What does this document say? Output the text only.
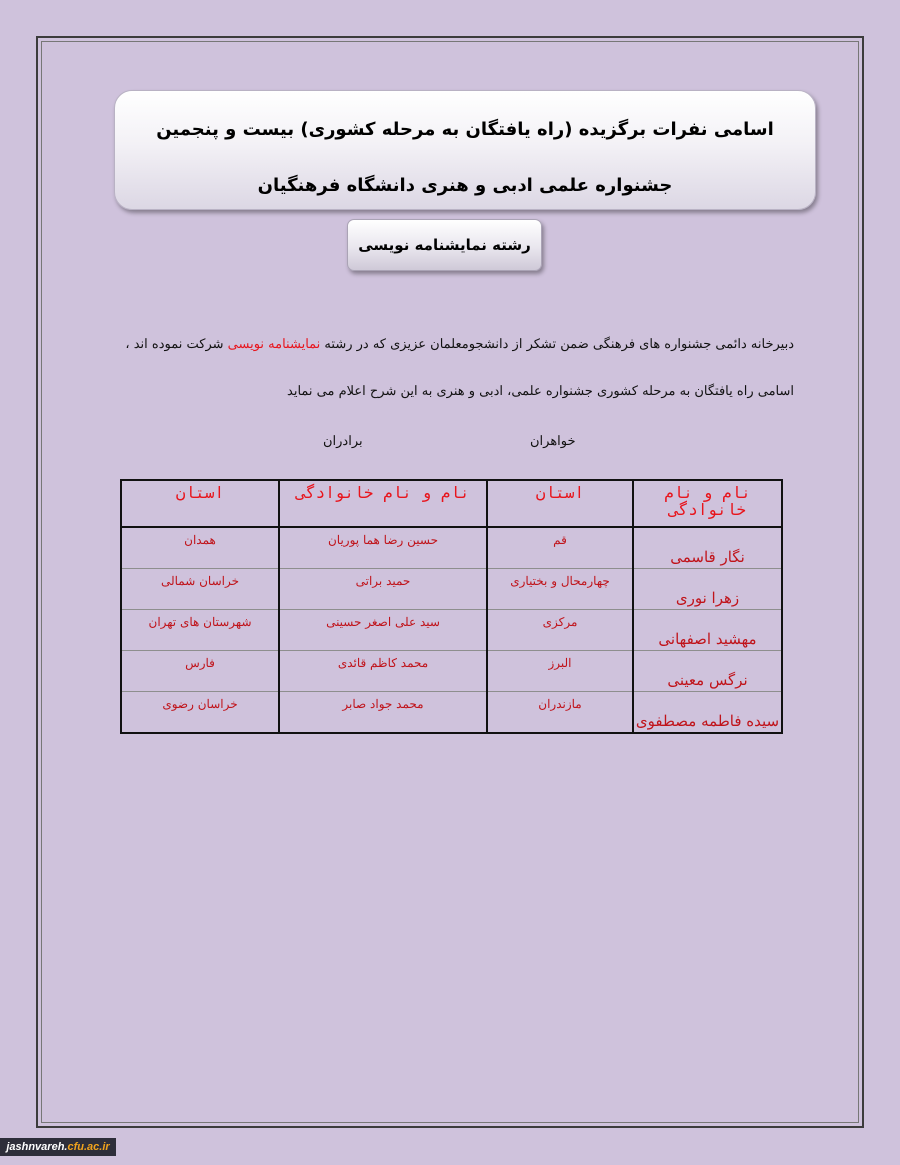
اسامی نفرات برگزیده (راه یافتگان به مرحله کشوری) بیست و پنجمین
جشنواره علمی ادبی و هنری دانشگاه فرهنگیان
رشته نمایشنامه نویسی
دبیرخانه دائمی جشنواره های فرهنگی ضمن تشکر از دانشجومعلمان عزیزی که در رشته نمایشنامه نویسی شرکت نموده اند ،
اسامی راه یافتگان به مرحله کشوری جشنواره علمی، ادبی و هنری به این شرح اعلام می نماید
خواهران
برادران
نام و نام خانوادگی	استان	نام و نام خانوادگی	استان
نگار قاسمی	قم	حسین رضا هما پوریان	همدان
زهرا نوری	چهارمحال و بختیاری	حمید براتی	خراسان شمالی
مهشید اصفهانی	مرکزی	سید علی اصغر حسینی	شهرستان های تهران
نرگس معینی	البرز	محمد کاظم قائدی	فارس
سیده فاطمه مصطفوی	مازندران	محمد جواد صابر	خراسان رضوی
jashnvareh.cfu.ac.ir
